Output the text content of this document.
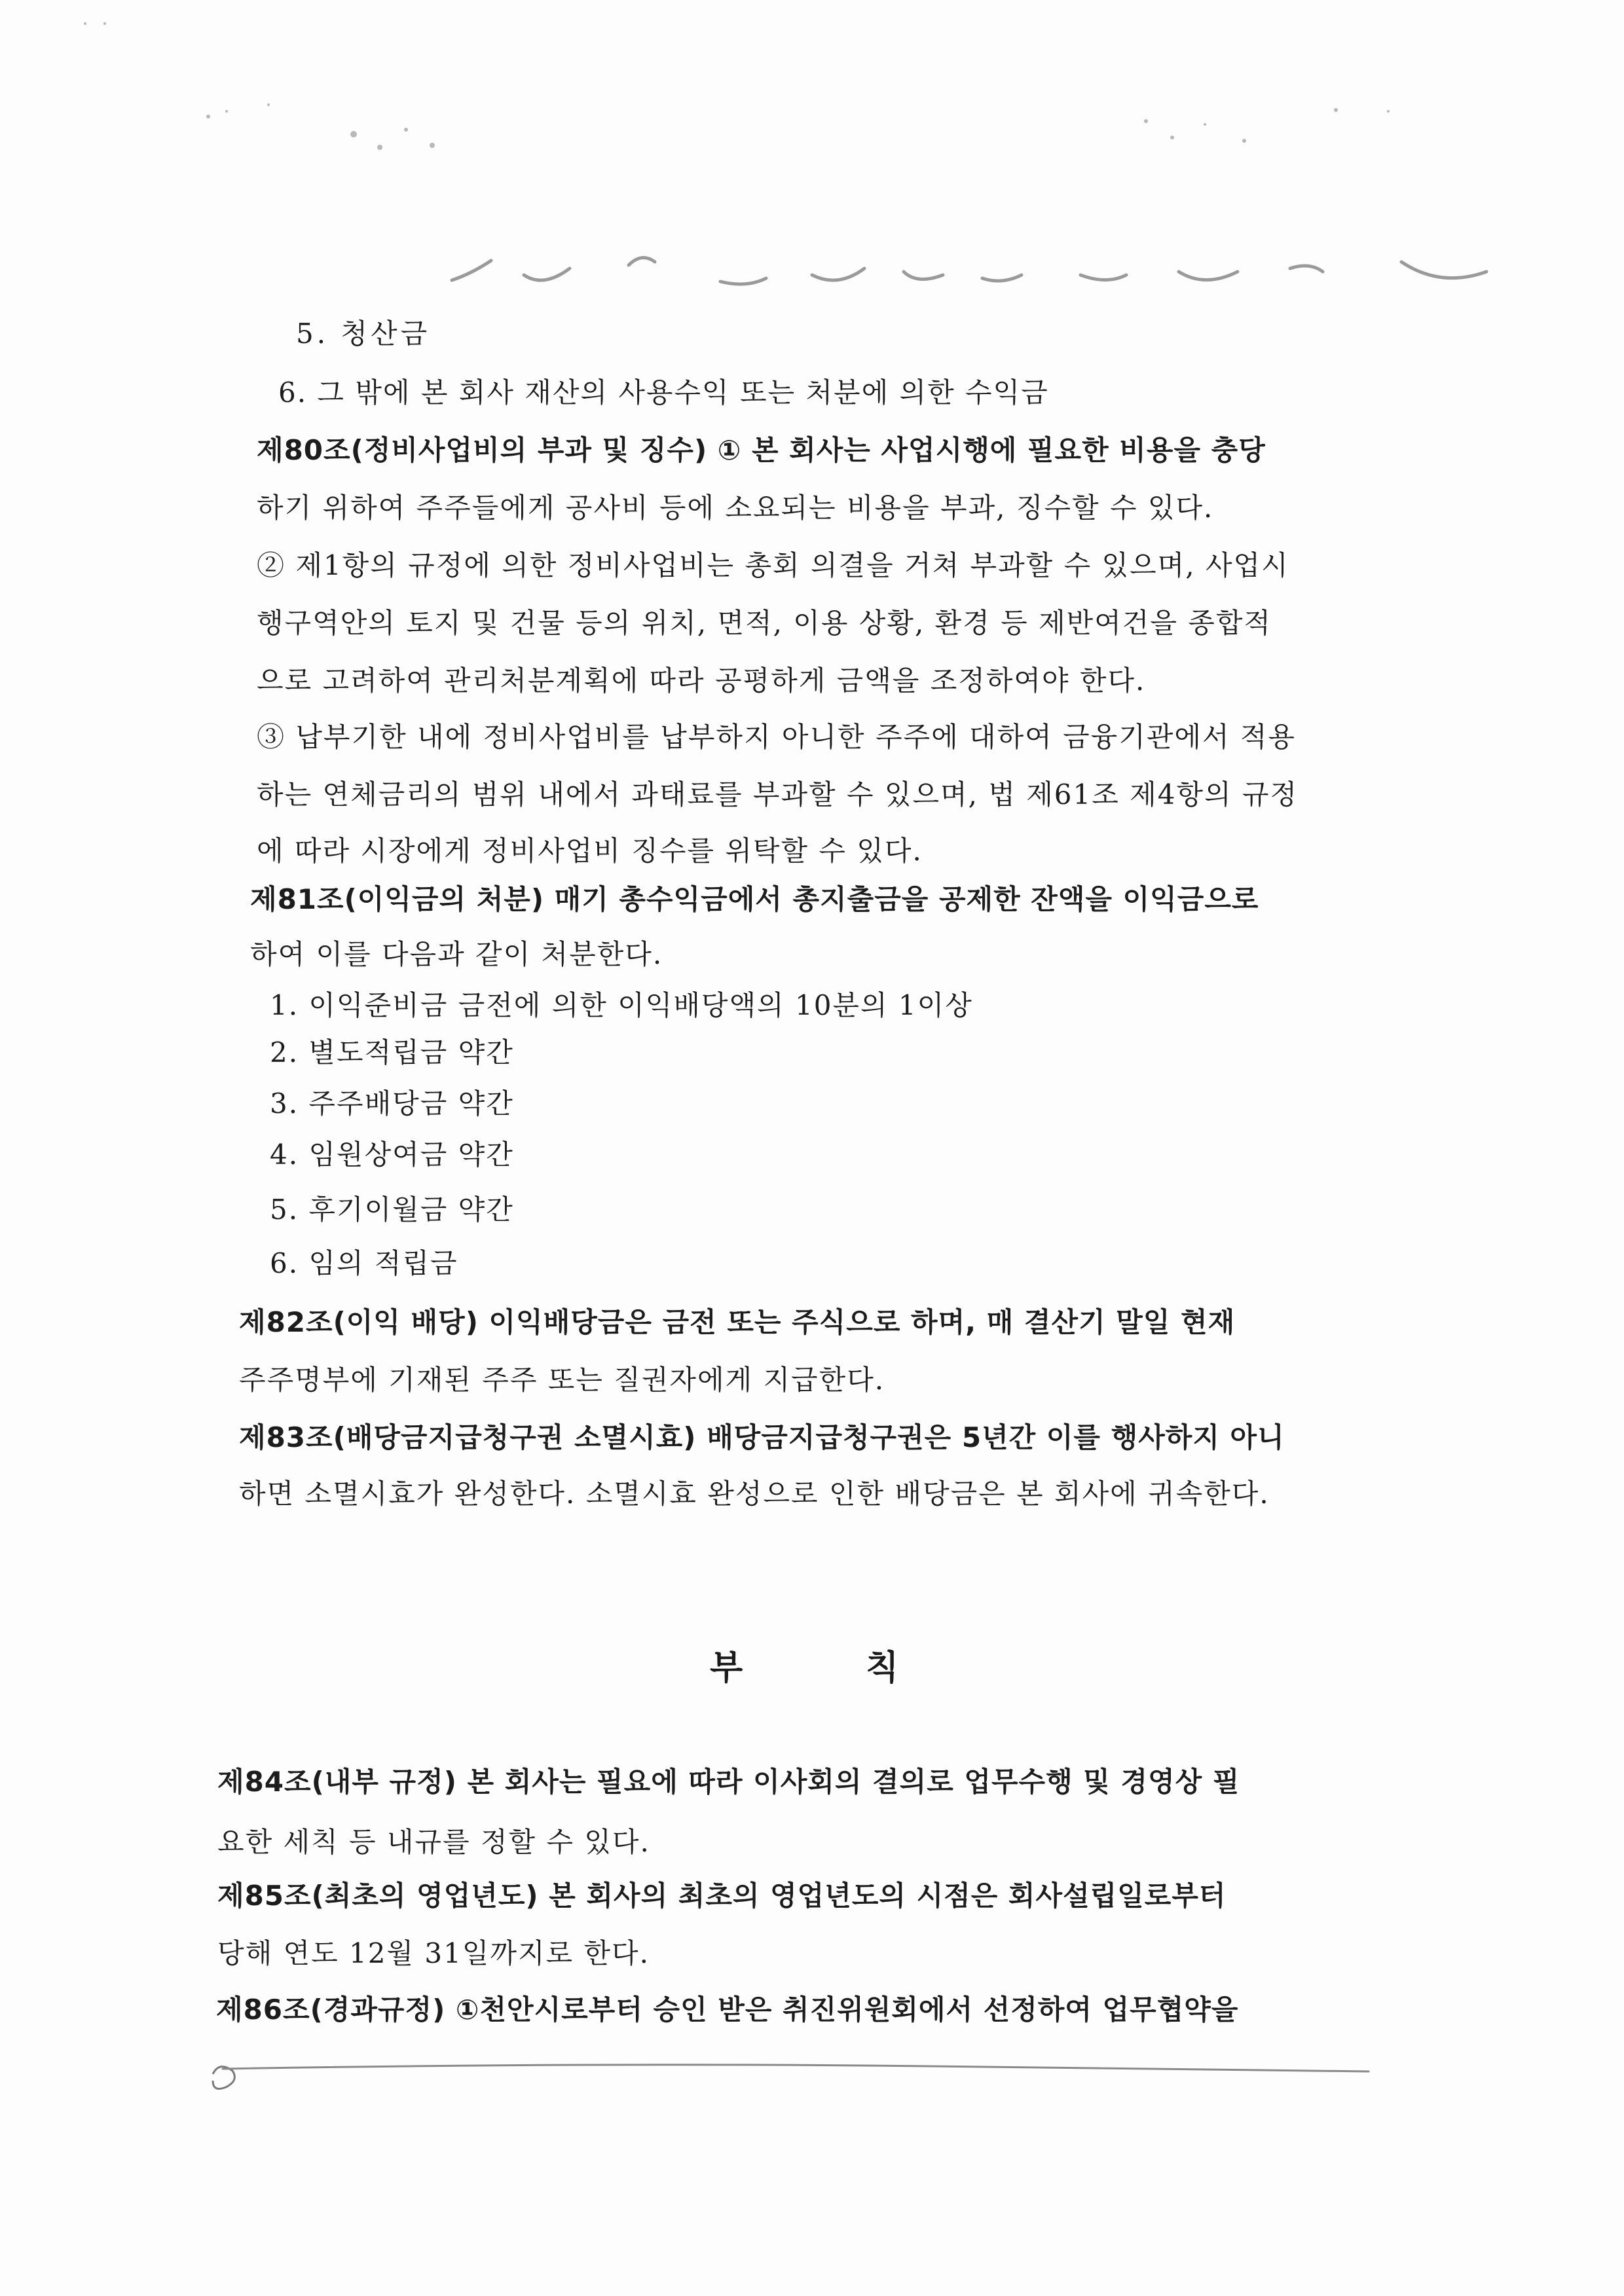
5. 청산금
6. 그 밖에 본 회사 재산의 사용수익 또는 처분에 의한 수익금
제80조(정비사업비의 부과 및 징수) ① 본 회사는 사업시행에 필요한 비용을 충당
하기 위하여 주주들에게 공사비 등에 소요되는 비용을 부과, 징수할 수 있다.
② 제1항의 규정에 의한 정비사업비는 총회 의결을 거쳐 부과할 수 있으며, 사업시
행구역안의 토지 및 건물 등의 위치, 면적, 이용 상황, 환경 등 제반여건을 종합적
으로 고려하여 관리처분계획에 따라 공평하게 금액을 조정하여야 한다.
③ 납부기한 내에 정비사업비를 납부하지 아니한 주주에 대하여 금융기관에서 적용
하는 연체금리의 범위 내에서 과태료를 부과할 수 있으며, 법 제61조 제4항의 규정
에 따라 시장에게 정비사업비 징수를 위탁할 수 있다.
제81조(이익금의 처분) 매기 총수익금에서 총지출금을 공제한 잔액을 이익금으로
하여 이를 다음과 같이 처분한다.
1. 이익준비금 금전에 의한 이익배당액의 10분의 1이상
2. 별도적립금 약간
3. 주주배당금 약간
4. 임원상여금 약간
5. 후기이월금 약간
6. 임의 적립금
제82조(이익 배당) 이익배당금은 금전 또는 주식으로 하며, 매 결산기 말일 현재
주주명부에 기재된 주주 또는 질권자에게 지급한다.
제83조(배당금지급청구권 소멸시효) 배당금지급청구권은 5년간 이를 행사하지 아니
하면 소멸시효가 완성한다. 소멸시효 완성으로 인한 배당금은 본 회사에 귀속한다.
부	칙
제84조(내부 규정) 본 회사는 필요에 따라 이사회의 결의로 업무수행 및 경영상 필
요한 세칙 등 내규를 정할 수 있다.
제85조(최초의 영업년도) 본 회사의 최초의 영업년도의 시점은 회사설립일로부터
당해 연도 12월 31일까지로 한다.
제86조(경과규정) ①천안시로부터 승인 받은 취진위원회에서 선정하여 업무협약을
